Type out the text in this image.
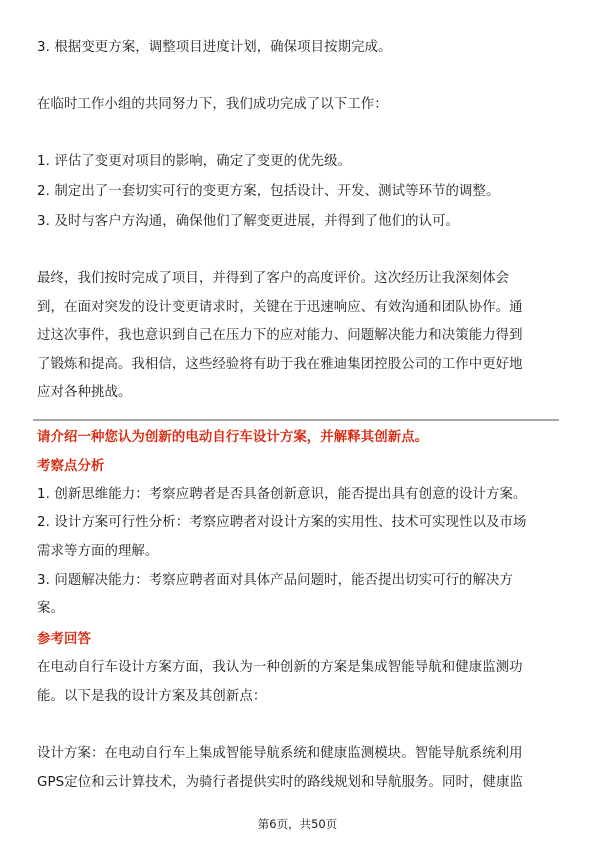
3. 根据变更方案，调整项目进度计划，确保项目按期完成。
在临时工作小组的共同努力下，我们成功完成了以下工作：
1. 评估了变更对项目的影响，确定了变更的优先级。
2. 制定出了一套切实可行的变更方案，包括设计、开发、测试等环节的调整。
3. 及时与客户方沟通，确保他们了解变更进展，并得到了他们的认可。
最终，我们按时完成了项目，并得到了客户的高度评价。这次经历让我深刻体会
到，在面对突发的设计变更请求时，关键在于迅速响应、有效沟通和团队协作。通
过这次事件，我也意识到自己在压力下的应对能力、问题解决能力和决策能力得到
了锻炼和提高。我相信，这些经验将有助于我在雅迪集团控股公司的工作中更好地
应对各种挑战。
请介绍一种您认为创新的电动自行车设计方案，并解释其创新点。
考察点分析
1. 创新思维能力：考察应聘者是否具备创新意识，能否提出具有创意的设计方案。
2. 设计方案可行性分析：考察应聘者对设计方案的实用性、技术可实现性以及市场
需求等方面的理解。
3. 问题解决能力：考察应聘者面对具体产品问题时，能否提出切实可行的解决方
案。
参考回答
在电动自行车设计方案方面，我认为一种创新的方案是集成智能导航和健康监测功
能。以下是我的设计方案及其创新点：
设计方案：在电动自行车上集成智能导航系统和健康监测模块。智能导航系统利用
GPS定位和云计算技术，为骑行者提供实时的路线规划和导航服务。同时，健康监
第6页，共50页
